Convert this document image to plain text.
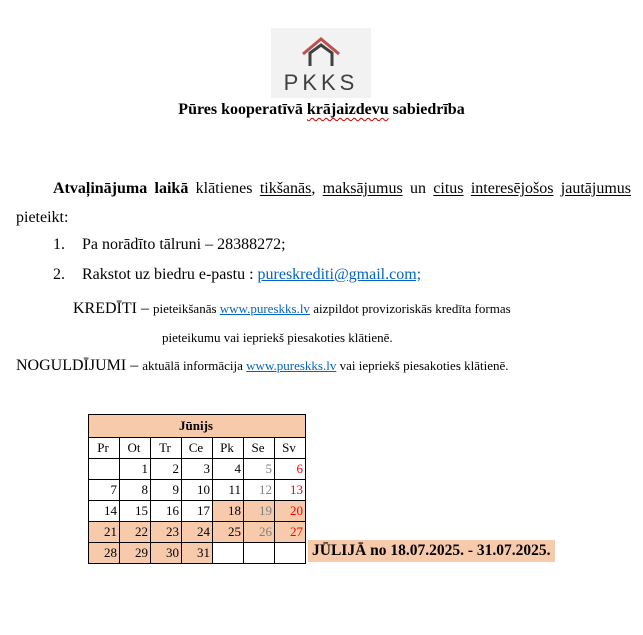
PKKS
Pūres kooperatīvā krājaizdevu sabiedrība
Atvaļinājuma laikā klātienes tikšanās, maksājumus un citus interesējošos jautājumus pieteikt:
1. Pa norādīto tālruni – 28388272;
2. Rakstot uz biedru e-pastu : pureskrediti@gmail.com;
KREDĪTI – pieteikšanās www.pureskks.lv aizpildot provizoriskās kredīta formas
pieteikumu vai iepriekš piesakoties klātienē.
NOGULDĪJUMI – aktuālā informācija www.pureskks.lv vai iepriekš piesakoties klātienē.
Jūnijs						
Pr	Ot	Tr	Ce	Pk	Se	Sv
	1	2	3	4	5	6
7	8	9	10	11	12	13
14	15	16	17	18	19	20
21	22	23	24	25	26	27
28	29	30	31				JŪLIJĀ no 18.07.2025. - 31.07.2025.
